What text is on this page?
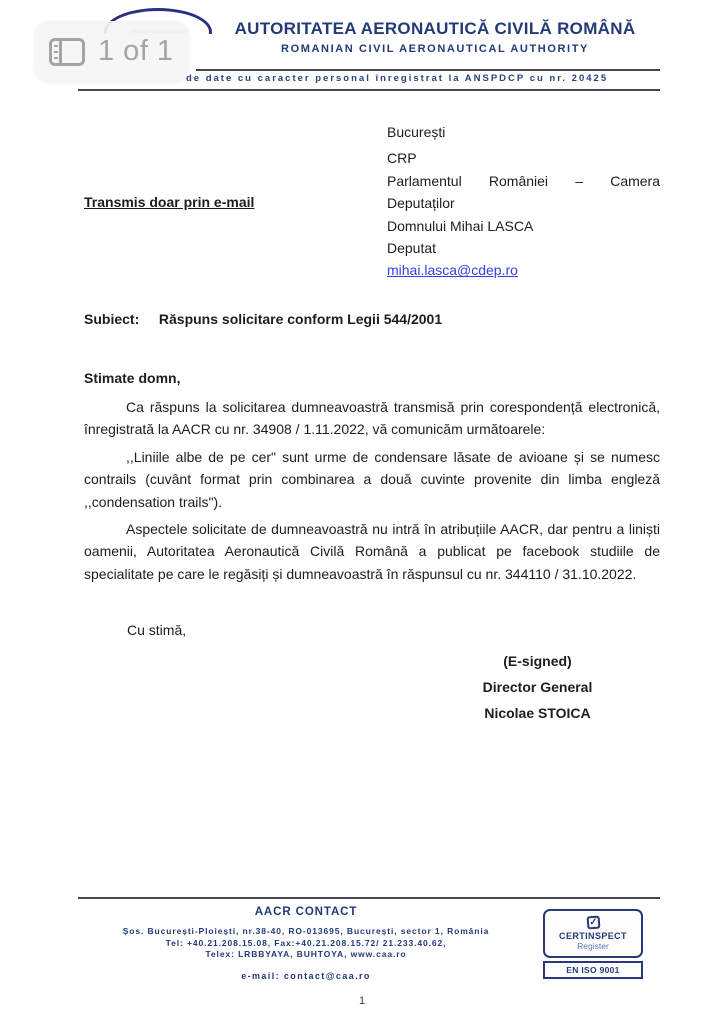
1 of 1
AUTORITATEA AERONAUTICĂ CIVILĂ ROMÂNĂ
ROMANIAN CIVIL AERONAUTICAL AUTHORITY
de date cu caracter personal înregistrat la ANSPDCP cu nr. 20425
Transmis doar prin e-mail
București
CRP
Parlamentul României – Camera
Deputaților
Domnului Mihai LASCA
Deputat
mihai.lasca@cdep.ro
Subiect: Răspuns solicitare conform Legii 544/2001
Stimate domn,

Ca răspuns la solicitarea dumneavoastră transmisă prin corespondență electronică, înregistrată la AACR cu nr. 34908 / 1.11.2022, vă comunicăm următoarele:

,,Liniile albe de pe cer" sunt urme de condensare lăsate de avioane și se numesc contrails (cuvânt format prin combinarea a două cuvinte provenite din limba engleză ,,condensation trails").

Aspectele solicitate de dumneavoastră nu intră în atribuțiile AACR, dar pentru a liniști oamenii, Autoritatea Aeronautică Civilă Română a publicat pe facebook studiile de specialitate pe care le regăsiți și dumneavoastră în răspunsul cu nr. 344110 / 31.10.2022.

Cu stimă,
(E-signed)
Director General
Nicolae STOICA
AACR CONTACT
Șos. București-Ploiești, nr.38-40, RO-013695, București, sector 1, România
Tel: +40.21.208.15.08, Fax:+40.21.208.15.72/ 21.233.40.62,
Telex: LRBBYAYA, BUHTOYA, www.caa.ro
e-mail: contact@caa.ro
✓
CERTINSPECT
Register
EN ISO 9001
1
